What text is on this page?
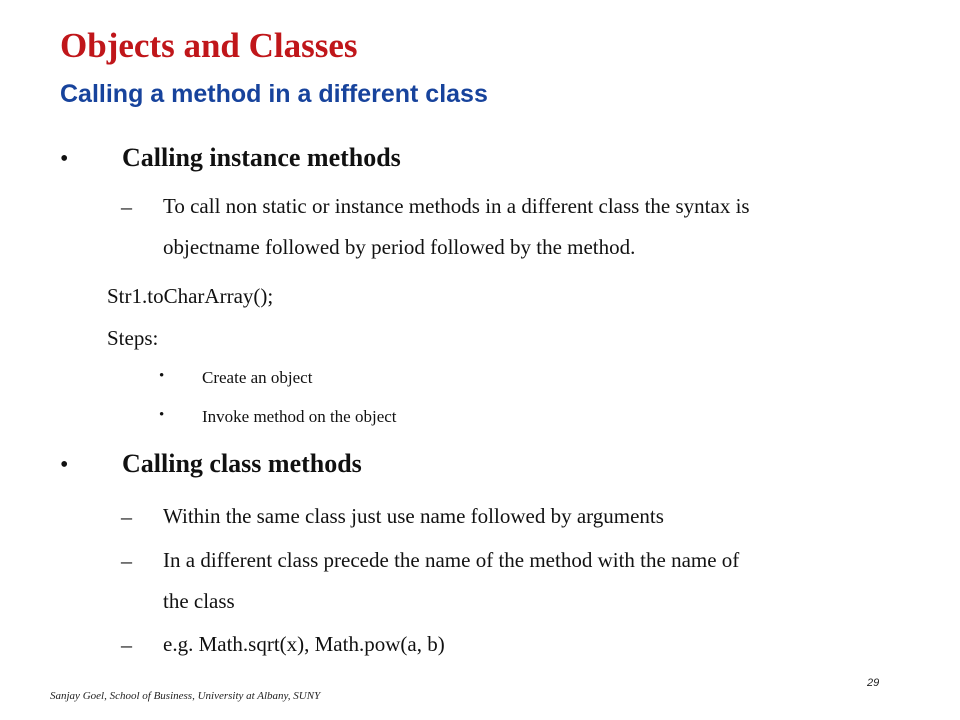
Objects and Classes
Calling a method in a different class
• Calling instance methods
– To call non static or instance methods in a different class the syntax is
objectname followed by period followed by the method.
Str1.toCharArray();
Steps:
• Create an object
• Invoke method on the object
• Calling class methods
– Within the same class just use name followed by arguments
– In a different class precede the name of the method with the name of
the class
– e.g. Math.sqrt(x), Math.pow(a, b)
Sanjay Goel, School of Business, University at Albany, SUNY
29
